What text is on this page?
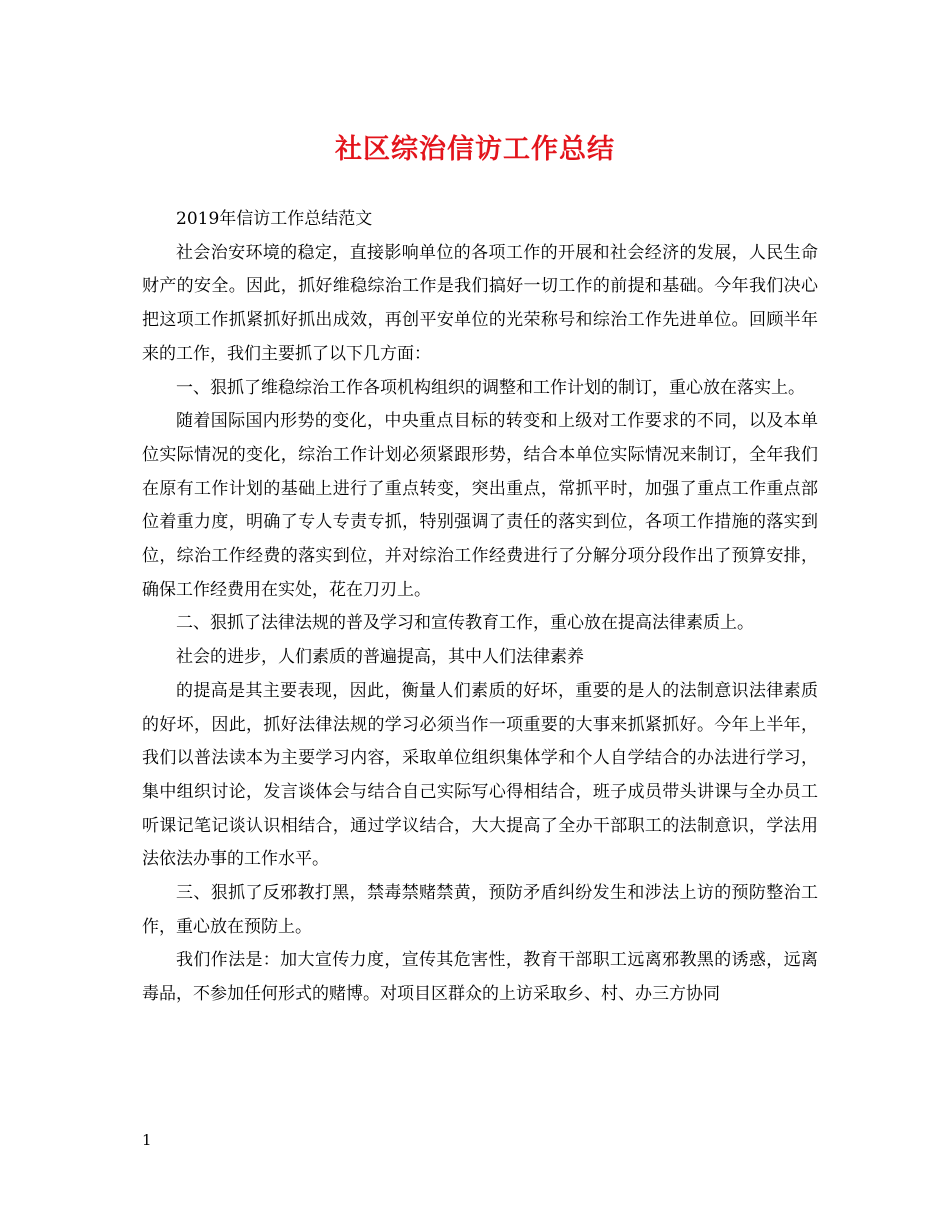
社区综治信访工作总结

2019年信访工作总结范文

社会治安环境的稳定，直接影响单位的各项工作的开展和社会经济的发展，人民生命财产的安全。因此，抓好维稳综治工作是我们搞好一切工作的前提和基础。今年我们决心把这项工作抓紧抓好抓出成效，再创平安单位的光荣称号和综治工作先进单位。回顾半年来的工作，我们主要抓了以下几方面：

一、狠抓了维稳综治工作各项机构组织的调整和工作计划的制订，重心放在落实上。

随着国际国内形势的变化，中央重点目标的转变和上级对工作要求的不同，以及本单位实际情况的变化，综治工作计划必须紧跟形势，结合本单位实际情况来制订，全年我们在原有工作计划的基础上进行了重点转变，突出重点，常抓平时，加强了重点工作重点部位着重力度，明确了专人专责专抓，特别强调了责任的落实到位，各项工作措施的落实到位，综治工作经费的落实到位，并对综治工作经费进行了分解分项分段作出了预算安排，确保工作经费用在实处，花在刀刃上。

二、狠抓了法律法规的普及学习和宣传教育工作，重心放在提高法律素质上。

社会的进步，人们素质的普遍提高，其中人们法律素养

的提高是其主要表现，因此，衡量人们素质的好坏，重要的是人的法制意识法律素质的好坏，因此，抓好法律法规的学习必须当作一项重要的大事来抓紧抓好。今年上半年，我们以普法读本为主要学习内容，采取单位组织集体学和个人自学结合的办法进行学习，集中组织讨论，发言谈体会与结合自己实际写心得相结合，班子成员带头讲课与全办员工听课记笔记谈认识相结合，通过学议结合，大大提高了全办干部职工的法制意识，学法用法依法办事的工作水平。

三、狠抓了反邪教打黑，禁毒禁赌禁黄，预防矛盾纠纷发生和涉法上访的预防整治工作，重心放在预防上。

我们作法是：加大宣传力度，宣传其危害性，教育干部职工远离邪教黑的诱惑，远离毒品，不参加任何形式的赌博。对项目区群众的上访采取乡、村、办三方协同

1
